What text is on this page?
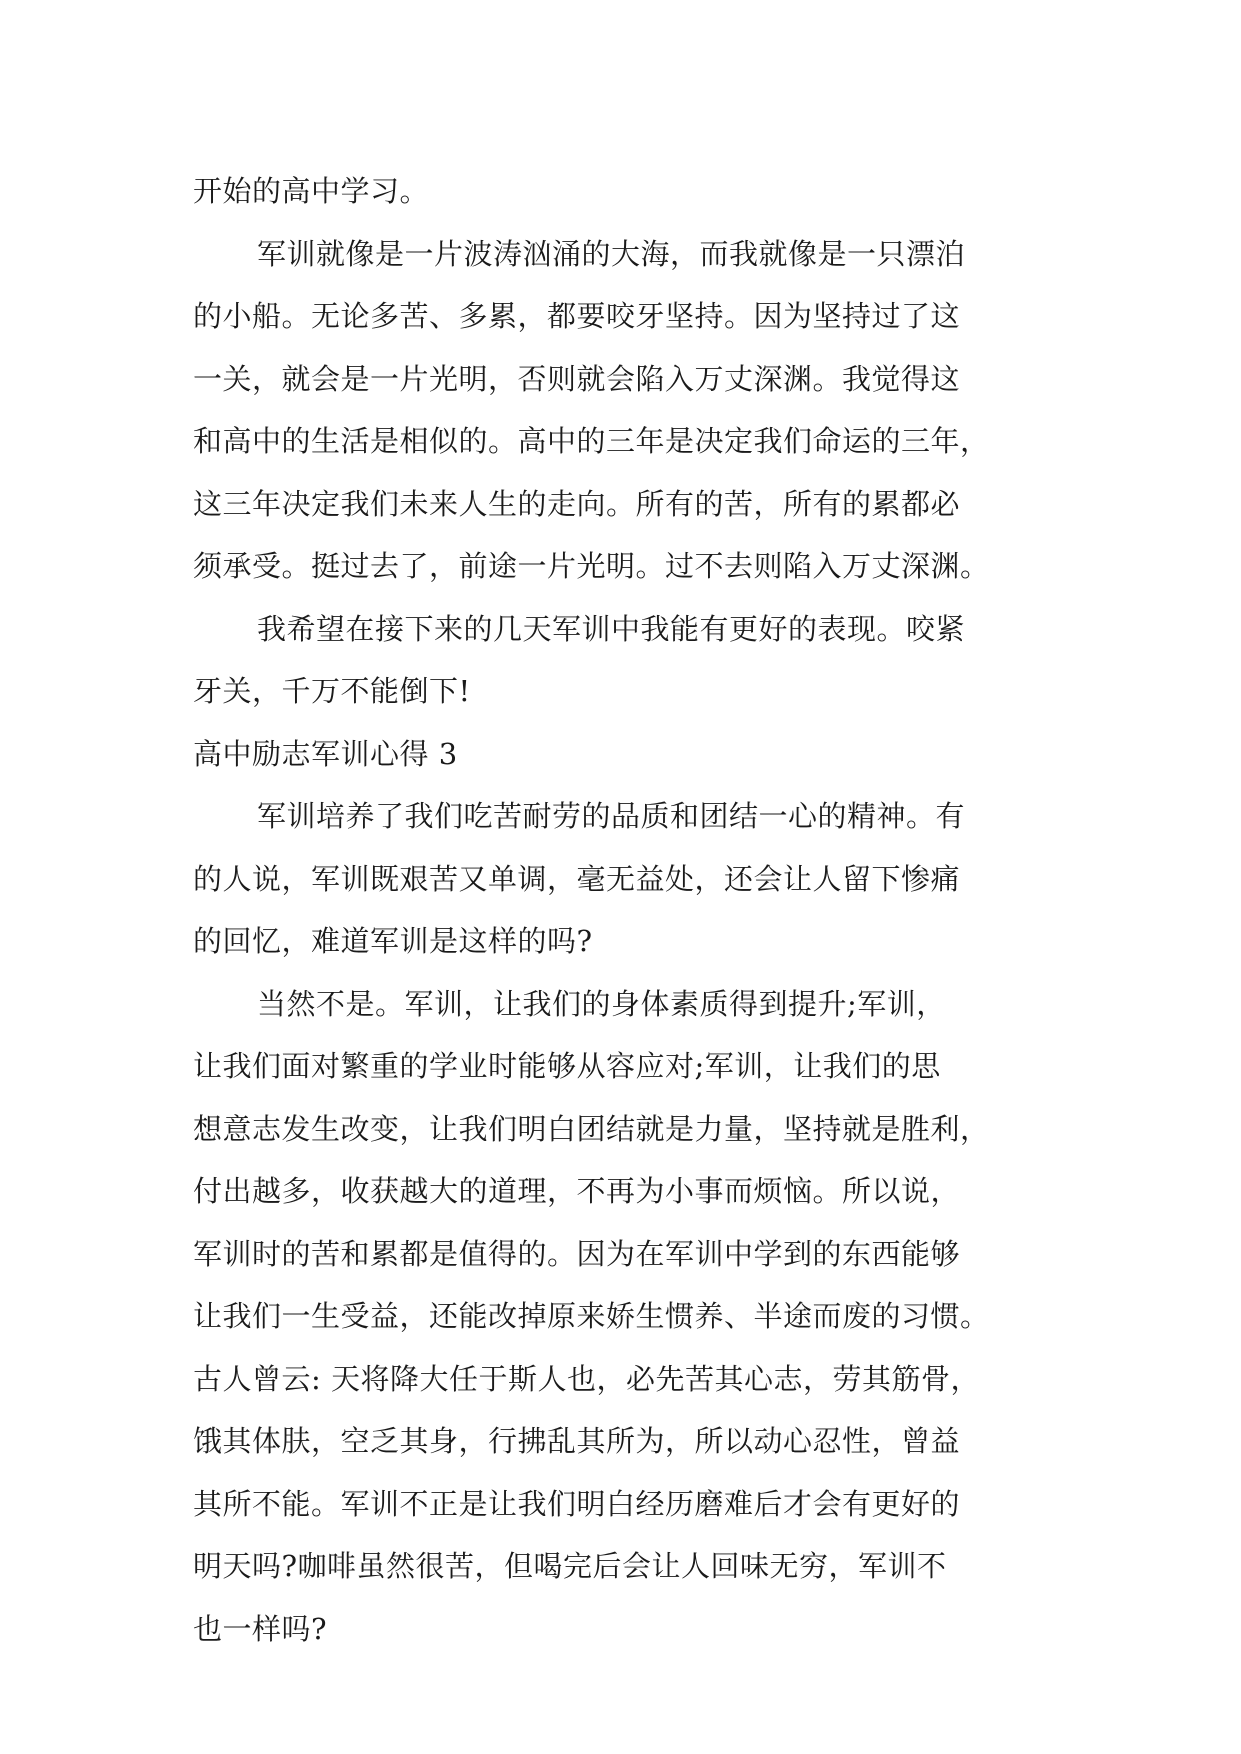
开始的高中学习。
军训就像是一片波涛汹涌的大海，而我就像是一只漂泊
的小船。无论多苦、多累，都要咬牙坚持。因为坚持过了这
一关，就会是一片光明，否则就会陷入万丈深渊。我觉得这
和高中的生活是相似的。高中的三年是决定我们命运的三年，
这三年决定我们未来人生的走向。所有的苦，所有的累都必
须承受。挺过去了，前途一片光明。过不去则陷入万丈深渊。
我希望在接下来的几天军训中我能有更好的表现。咬紧
牙关，千万不能倒下!
高中励志军训心得 3
军训培养了我们吃苦耐劳的品质和团结一心的精神。有
的人说，军训既艰苦又单调，毫无益处，还会让人留下惨痛
的回忆，难道军训是这样的吗?
当然不是。军训，让我们的身体素质得到提升;军训，
让我们面对繁重的学业时能够从容应对;军训，让我们的思
想意志发生改变，让我们明白团结就是力量，坚持就是胜利，
付出越多，收获越大的道理，不再为小事而烦恼。所以说，
军训时的苦和累都是值得的。因为在军训中学到的东西能够
让我们一生受益，还能改掉原来娇生惯养、半途而废的习惯。
古人曾云: 天将降大任于斯人也，必先苦其心志，劳其筋骨，
饿其体肤，空乏其身，行拂乱其所为，所以动心忍性，曾益
其所不能。军训不正是让我们明白经历磨难后才会有更好的
明天吗?咖啡虽然很苦，但喝完后会让人回味无穷，军训不
也一样吗?
